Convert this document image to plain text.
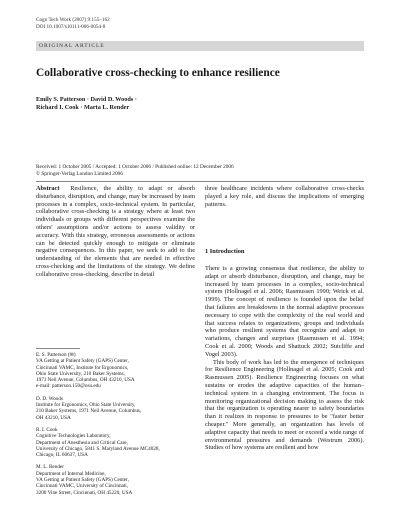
Cogn Tech Work (2007) 9:155–162
DOI 10.1007/s10111-006-0054-8
ORIGINAL ARTICLE
Collaborative cross-checking to enhance resilience
Emily S. Patterson · David D. Woods ·
Richard I. Cook · Marta L. Render
Received: 1 October 2005 / Accepted: 1 October 2006 / Published online: 12 December 2006
© Springer-Verlag London Limited 2006

Abstract Resilience, the ability to adapt or absorb disturbance, disruption, and change, may be increased by team processes in a complex, socio-technical system. In particular, collaborative cross-checking is a strategy where at least two individuals or groups with different perspectives examine the others' assumptions and/or actions to assess validity or accuracy. With this strategy, erroneous assessments or actions can be detected quickly enough to mitigate or eliminate negative consequences. In this paper, we seek to add to the understanding of the elements that are needed in effective cross-checking and the limitations of the strategy. We define collaborative cross-checking, describe in detail

E. S. Patterson (✉)
VA Getting at Patient Safety (GAPS) Center,
Cincinnati VAMC, Institute for Ergonomics,
Ohio State University, 210 Baker Systems,
1971 Neil Avenue, Columbus, OH 43210, USA
e-mail: patterson.150@osu.edu

D. D. Woods
Institute for Ergonomics, Ohio State University,
210 Baker Systems, 1971 Neil Avenue, Columbus,
OH 43210, USA

R. I. Cook
Cognitive Technologies Laboratory,
Department of Anesthesia and Critical Care,
University of Chicago, 5841 S. Maryland Avenue MC4028,
Chicago, IL 60637, USA

M. L. Render
Department of Internal Medicine,
VA Getting at Patient Safety (GAPS) Center,
Cincinnati VAMC, University of Cincinnati,
3200 Vine Street, Cincinnati, OH 45220, USA

three healthcare incidents where collaborative cross-checks played a key role, and discuss the implications of emerging patterns.
1 Introduction

There is a growing consensus that resilience, the ability to adapt or absorb disturbance, disruption, and change, may be increased by team processes in a complex, socio-technical system (Hollnagel et al. 2006; Rasmussen 1990; Weick et al. 1999). The concept of resilience is founded upon the belief that failures are breakdowns in the normal adaptive processes necessary to cope with the complexity of the real world and that success relates to organizations, groups and individuals who produce resilient systems that recognize and adapt to variations, changes and surprises (Rasmussen et al. 1994; Cook et al. 2000; Woods and Shattuck 2002; Sutcliffe and Vogel 2003).

This body of work has led to the emergence of techniques for Resilience Engineering (Hollnagel et al. 2005; Cook and Rasmussen 2005). Resilience Engineering focuses on what sustains or erodes the adaptive capacities of the human–technical system in a changing environment. The focus is monitoring organizational decision making to assess the risk that the organization is operating nearer to safety boundaries than it realizes in response to pressures to be "faster better cheaper." More generally, an organization has levels of adaptive capacity that needs to meet or exceed a wide range of environmental pressures and demands (Westrum 2006). Studies of how systems are resilient and how
